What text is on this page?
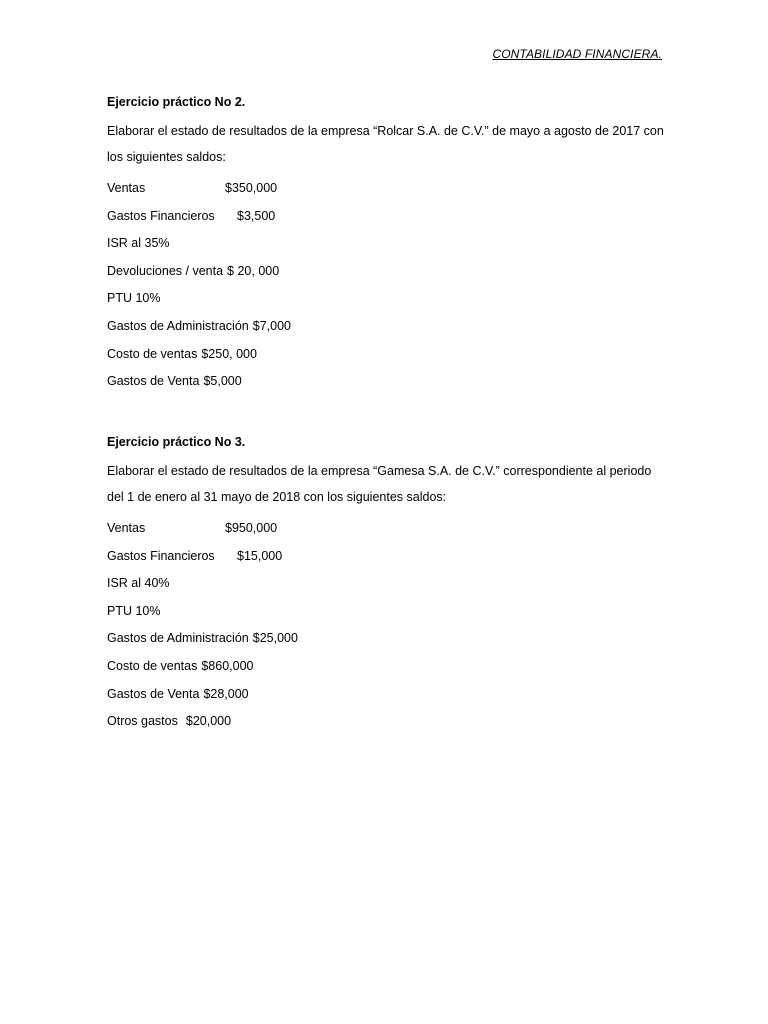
CONTABILIDAD FINANCIERA.

Ejercicio práctico No 2.

Elaborar el estado de resultados de la empresa “Rolcar S.A. de C.V.” de mayo a agosto de 2017 con los siguientes saldos:

Ventas	$350,000
Gastos Financieros	$3,500
ISR al 35%
Devoluciones / venta $ 20, 000
PTU 10%
Gastos de Administración $7,000
Costo de ventas $250, 000
Gastos de Venta $5,000

Ejercicio práctico No 3.

Elaborar el estado de resultados de la empresa “Gamesa S.A. de C.V.” correspondiente al periodo del 1 de enero al 31 mayo de 2018 con los siguientes saldos:

Ventas	$950,000
Gastos Financieros	$15,000
ISR al 40%
PTU 10%
Gastos de Administración $25,000
Costo de ventas $860,000
Gastos de Venta $28,000
Otros gastos $20,000
